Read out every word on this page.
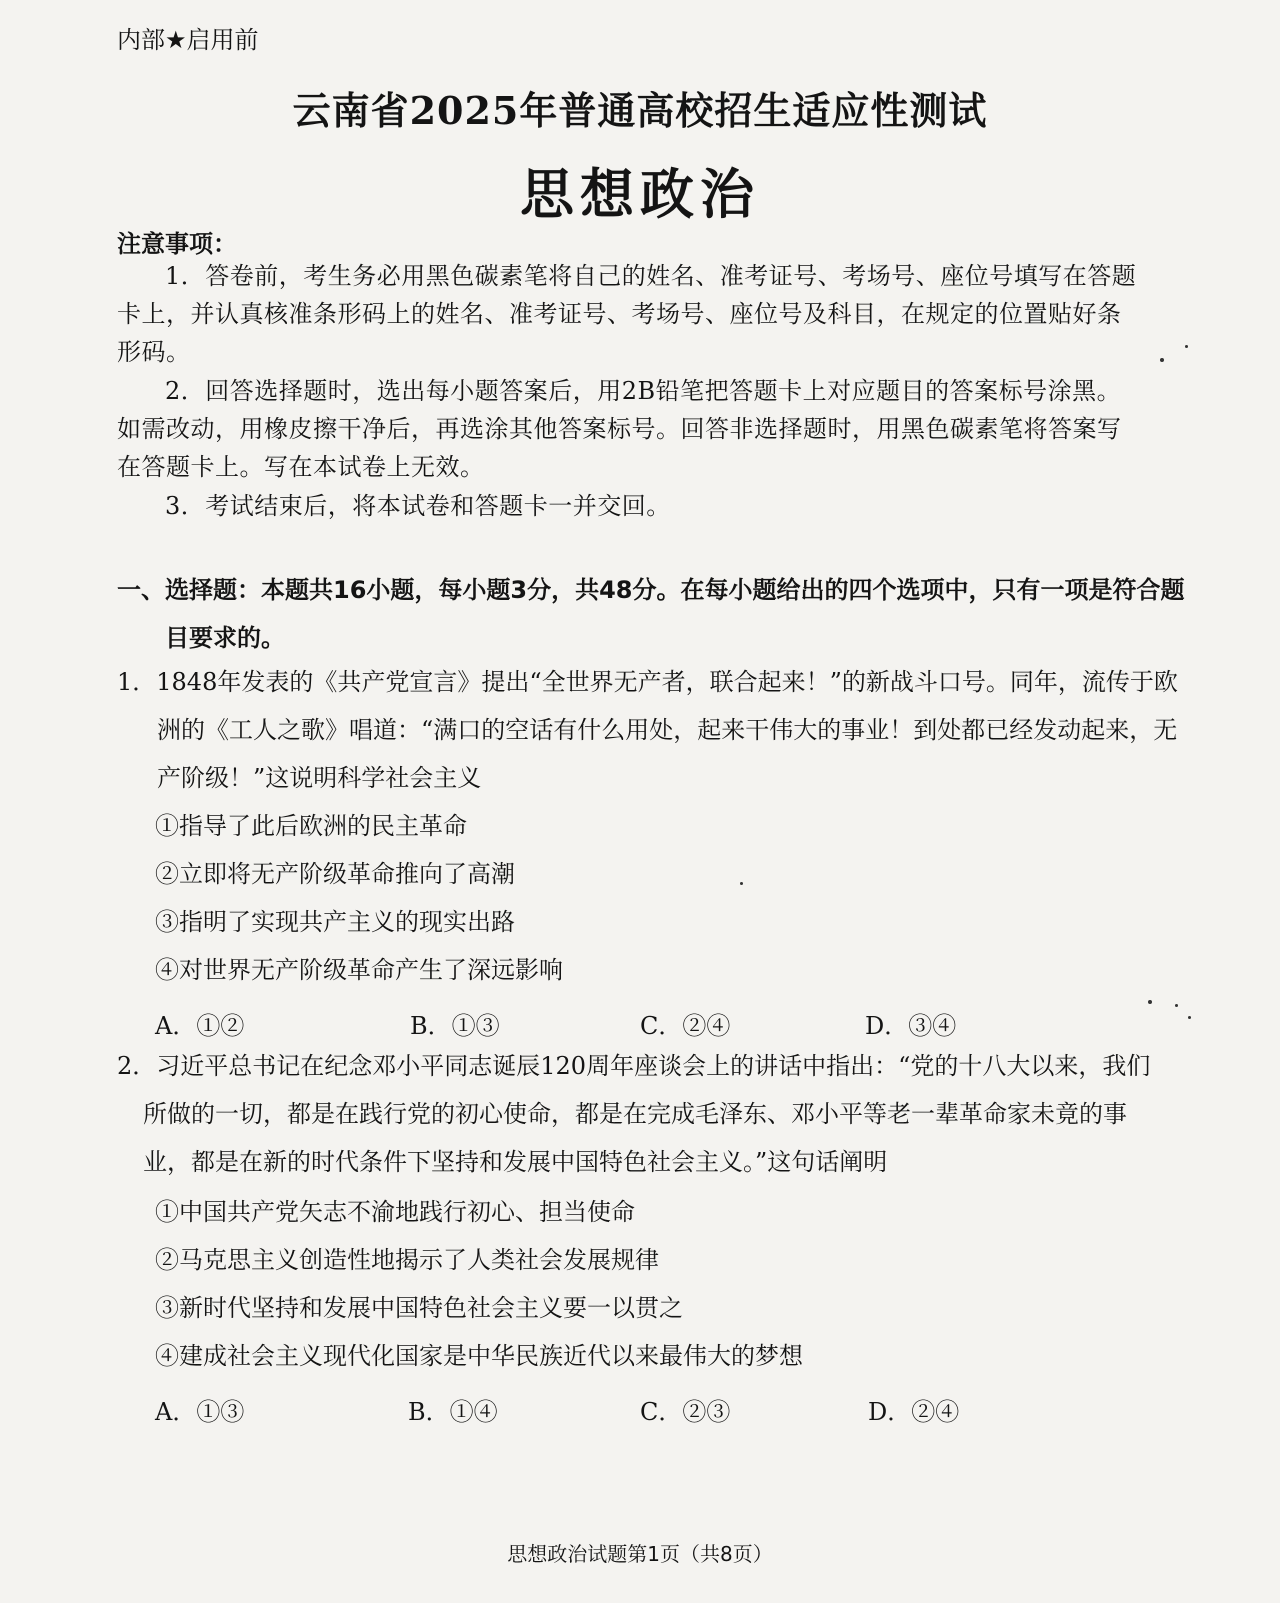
内部★启用前
云南省2025年普通高校招生适应性测试
思想政治
注意事项：
1．答卷前，考生务必用黑色碳素笔将自己的姓名、准考证号、考场号、座位号填写在答题卡上，并认真核准条形码上的姓名、准考证号、考场号、座位号及科目，在规定的位置贴好条形码。
2．回答选择题时，选出每小题答案后，用2B铅笔把答题卡上对应题目的答案标号涂黑。如需改动，用橡皮擦干净后，再选涂其他答案标号。回答非选择题时，用黑色碳素笔将答案写在答题卡上。写在本试卷上无效。
3．考试结束后，将本试卷和答题卡一并交回。
一、选择题：本题共16小题，每小题3分，共48分。在每小题给出的四个选项中，只有一项是符合题目要求的。
1．1848年发表的《共产党宣言》提出“全世界无产者，联合起来！”的新战斗口号。同年，流传于欧洲的《工人之歌》唱道：“满口的空话有什么用处，起来干伟大的事业！到处都已经发动起来，无产阶级！”这说明科学社会主义
①指导了此后欧洲的民主革命
②立即将无产阶级革命推向了高潮
③指明了实现共产主义的现实出路
④对世界无产阶级革命产生了深远影响
A．①②	B．①③	C．②④	D．③④
2．习近平总书记在纪念邓小平同志诞辰120周年座谈会上的讲话中指出：“党的十八大以来，我们所做的一切，都是在践行党的初心使命，都是在完成毛泽东、邓小平等老一辈革命家未竟的事业，都是在新的时代条件下坚持和发展中国特色社会主义。”这句话阐明
①中国共产党矢志不渝地践行初心、担当使命
②马克思主义创造性地揭示了人类社会发展规律
③新时代坚持和发展中国特色社会主义要一以贯之
④建成社会主义现代化国家是中华民族近代以来最伟大的梦想
A．①③	B．①④	C．②③	D．②④
思想政治试题第1页（共8页）
